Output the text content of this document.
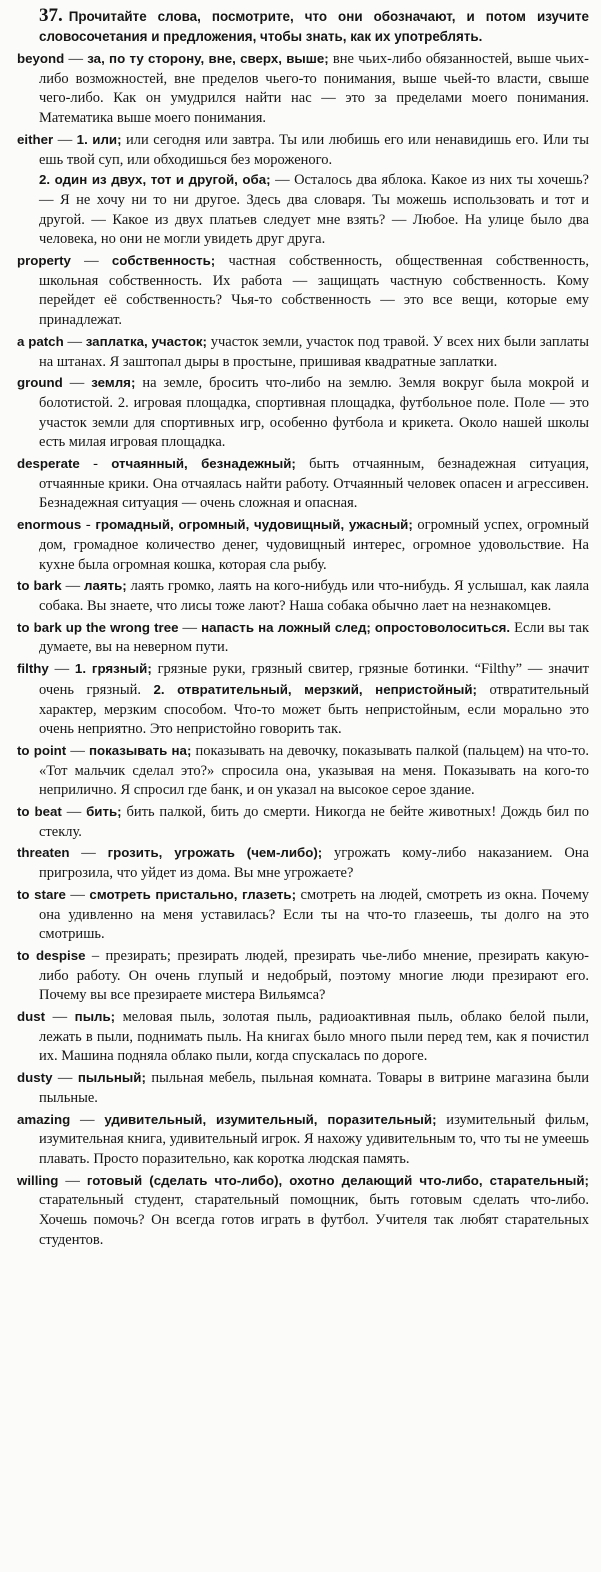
37. Прочитайте слова, посмотрите, что они обозначают, и потом изучите словосочетания и предложения, чтобы знать, как их употреблять.

beyond — за, по ту сторону, вне, сверх, выше; вне чьих-либо обязанностей, выше чьих-либо возможностей, вне пределов чьего-то понимания, выше чьей-то власти, свыше чего-либо. Как он умудрился найти нас — это за пределами моего понимания. Математика выше моего понимания.

either — 1. или; или сегодня или завтра. Ты или любишь его или ненавидишь его. Или ты ешь твой суп, или обходишься без мороженого.
2. один из двух, тот и другой, оба; — Осталось два яблока. Какое из них ты хочешь? — Я не хочу ни то ни другое. Здесь два словаря. Ты можешь использовать и тот и другой. — Какое из двух платьев следует мне взять? — Любое. На улице было два человека, но они не могли увидеть друг друга.

property — собственность; частная собственность, общественная собственность, школьная собственность. Их работа — защищать частную собственность. Кому перейдет её собственность? Чья-то собственность — это все вещи, которые ему принадлежат.

a patch — заплатка, участок; участок земли, участок под травой. У всех них были заплаты на штанах. Я заштопал дыры в простыне, пришивая квадратные заплатки.

ground — земля; на земле, бросить что-либо на землю. Земля вокруг была мокрой и болотистой. 2. игровая площадка, спортивная площадка, футбольное поле. Поле — это участок земли для спортивных игр, особенно футбола и крикета. Около нашей школы есть милая игровая площадка.

desperate - отчаянный, безнадежный; быть отчаянным, безнадежная ситуация, отчаянные крики. Она отчаялась найти работу. Отчаянный человек опасен и агрессивен. Безнадежная ситуация — очень сложная и опасная.

enormous - громадный, огромный, чудовищный, ужасный; огромный успех, огромный дом, громадное количество денег, чудовищный интерес, огромное удовольствие. На кухне была огромная кошка, которая сла рыбу.

to bark — лаять; лаять громко, лаять на кого-нибудь или что-нибудь. Я услышал, как лаяла собака. Вы знаете, что лисы тоже лают? Наша собака обычно лает на незнакомцев.

to bark up the wrong tree — напасть на ложный след; опростоволоситься. Если вы так думаете, вы на неверном пути.

filthy — 1. грязный; грязные руки, грязный свитер, грязные ботинки. “Filthy” — значит очень грязный. 2. отвратительный, мерзкий, непристойный; отвратительный характер, мерзким способом. Что-то может быть непристойным, если морально это очень неприятно. Это непристойно говорить так.

to point — показывать на; показывать на девочку, показывать палкой (пальцем) на что-то. «Тот мальчик сделал это?» спросила она, указывая на меня. Показывать на кого-то неприлично. Я спросил где банк, и он указал на высокое серое здание.

to beat — бить; бить палкой, бить до смерти. Никогда не бейте животных! Дождь бил по стеклу.

threaten — грозить, угрожать (чем-либо); угрожать кому-либо наказанием. Она пригрозила, что уйдет из дома. Вы мне угрожаете?

to stare — смотреть пристально, глазеть; смотреть на людей, смотреть из окна. Почему она удивленно на меня уставилась? Если ты на что-то глазеешь, ты долго на это смотришь.

to despise – презирать; презирать людей, презирать чье-либо мнение, презирать какую-либо работу. Он очень глупый и недобрый, поэтому многие люди презирают его. Почему вы все презираете мистера Вильямса?

dust — пыль; меловая пыль, золотая пыль, радиоактивная пыль, облако белой пыли, лежать в пыли, поднимать пыль. На книгах было много пыли перед тем, как я почистил их. Машина подняла облако пыли, когда спускалась по дороге.

dusty — пыльный; пыльная мебель, пыльная комната. Товары в витрине магазина были пыльные.

amazing — удивительный, изумительный, поразительный; изумительный фильм, изумительная книга, удивительный игрок. Я нахожу удивительным то, что ты не умеешь плавать. Просто поразительно, как коротка людская память.

willing — готовый (сделать что-либо), охотно делающий что-либо, старательный; старательный студент, старательный помощник, быть готовым сделать что-либо. Хочешь помочь? Он всегда готов играть в футбол. Учителя так любят старательных студентов.
